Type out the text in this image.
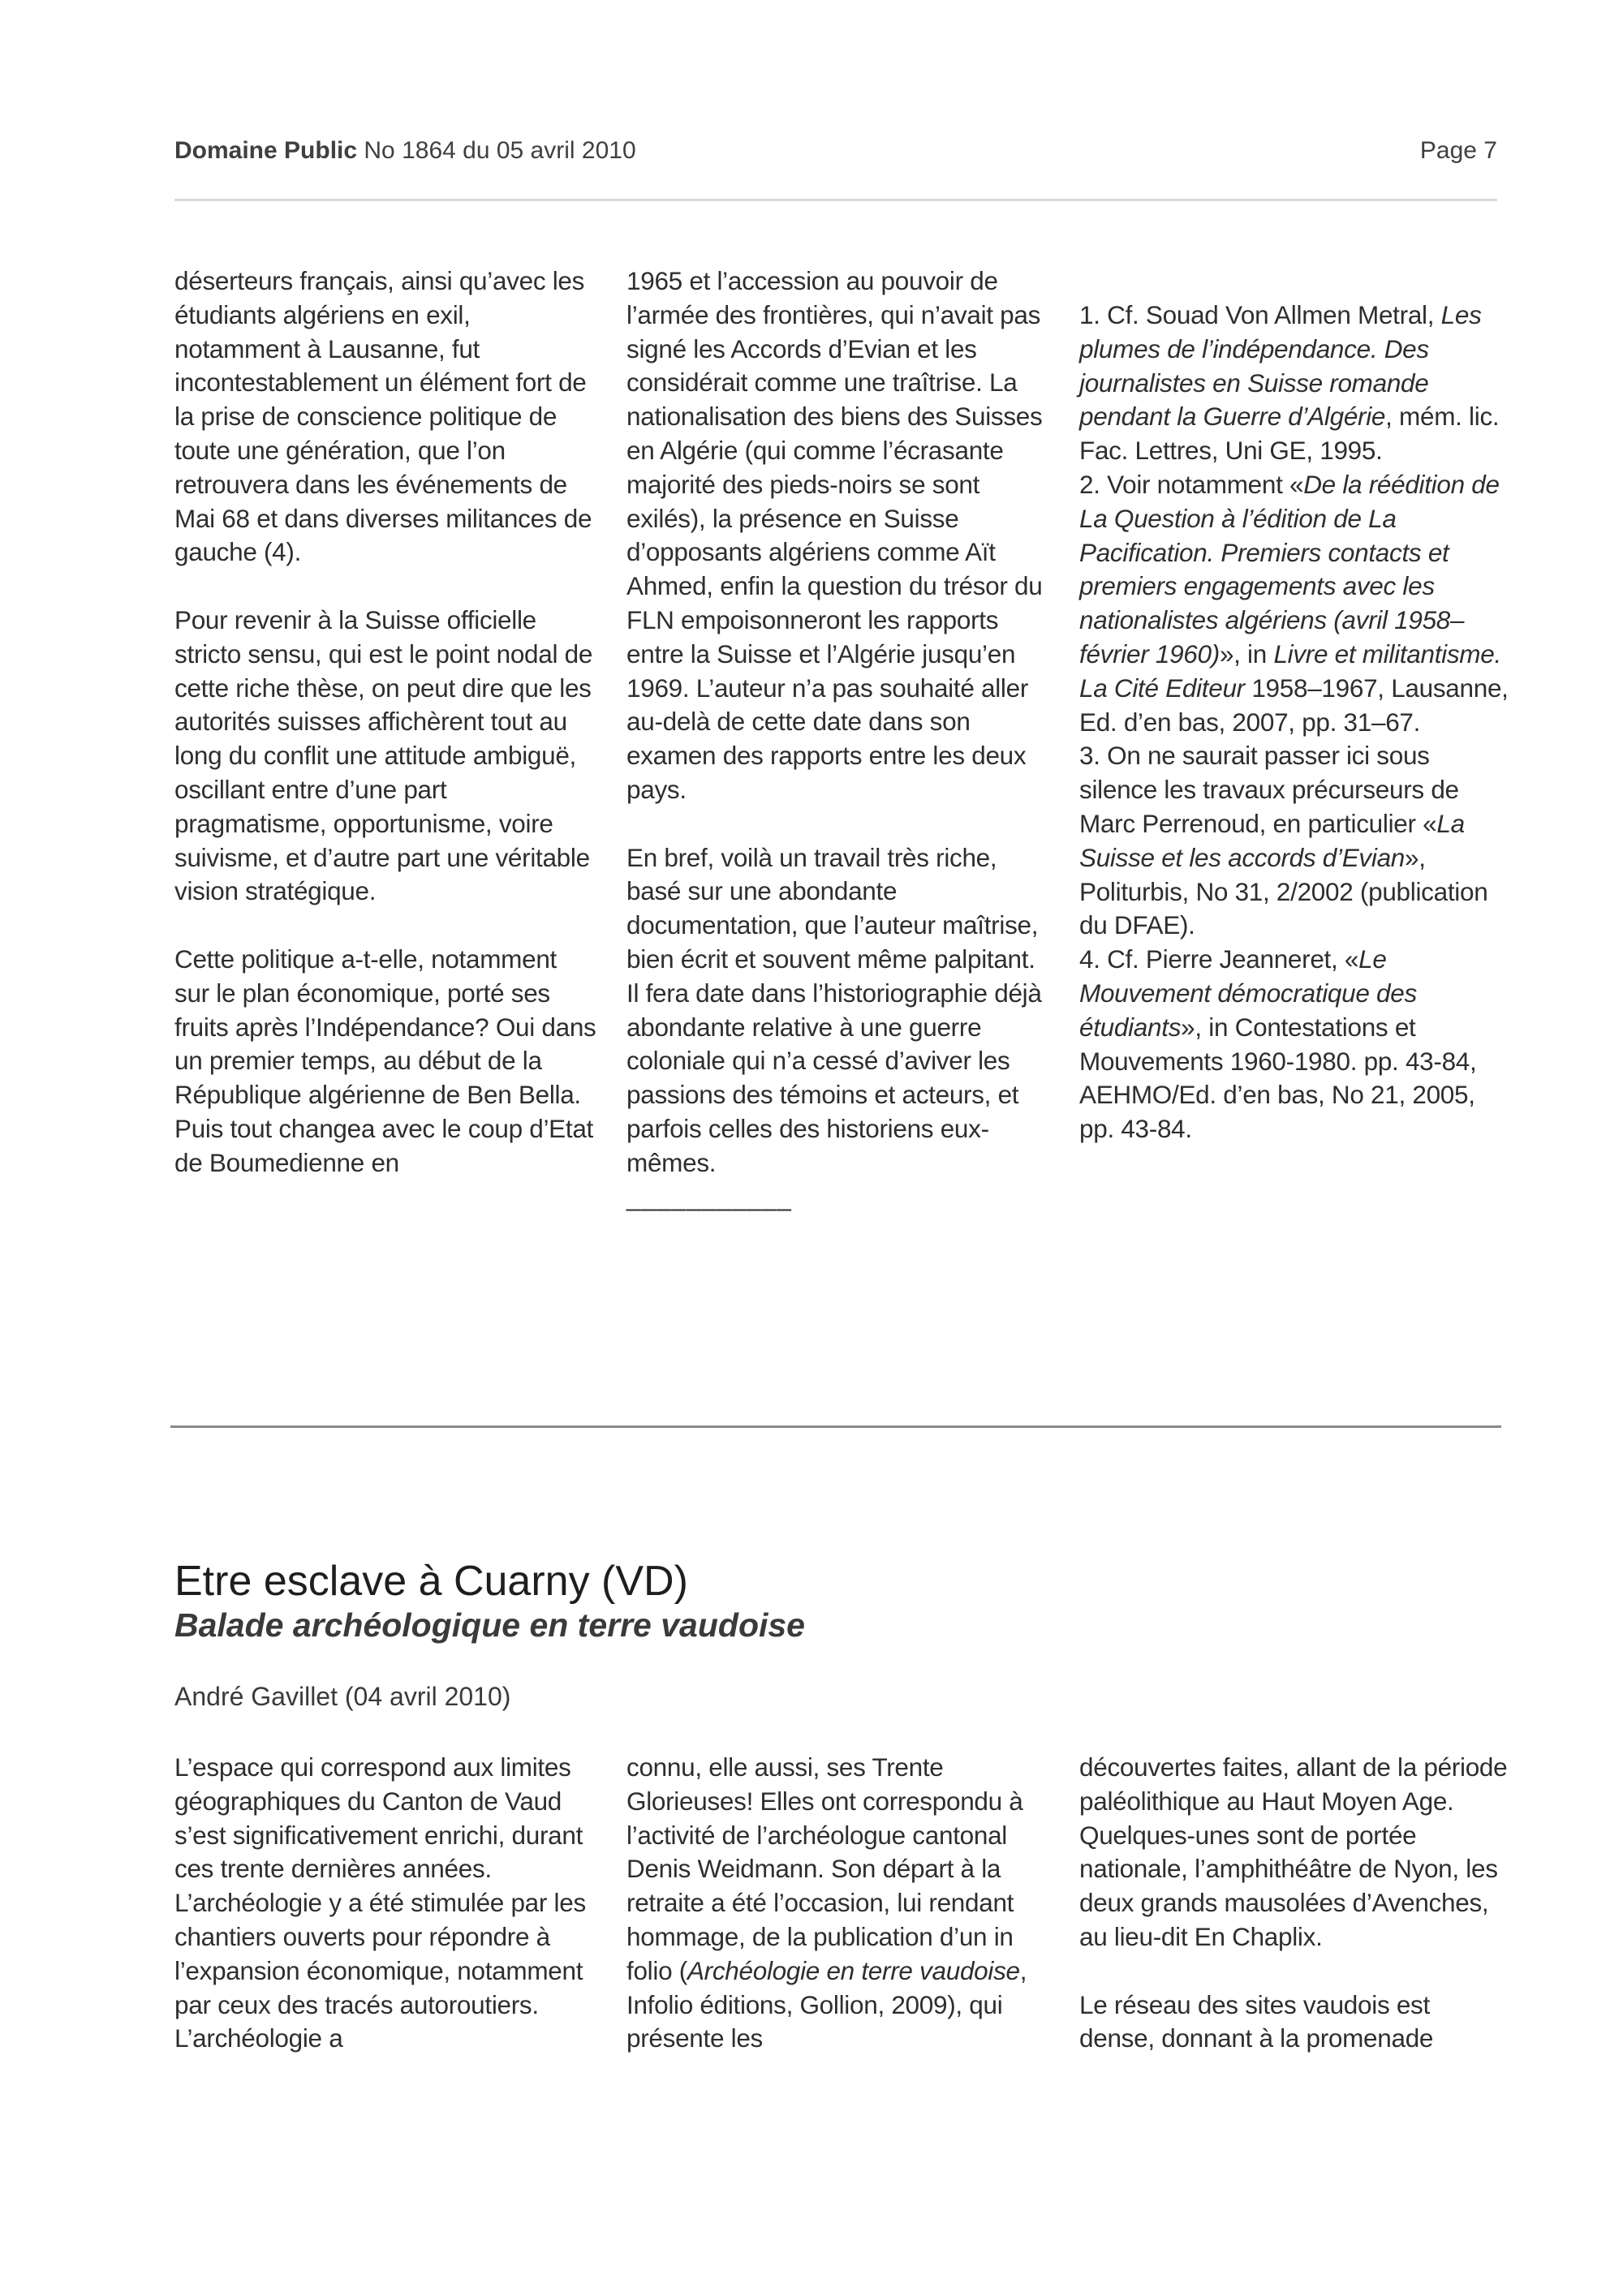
Domaine Public No 1864 du 05 avril 2010	Page 7

déserteurs français, ainsi qu’avec les étudiants algériens en exil, notamment à Lausanne, fut incontestablement un élément fort de la prise de conscience politique de toute une génération, que l’on retrouvera dans les événements de Mai 68 et dans diverses militances de gauche (4).

Pour revenir à la Suisse officielle stricto sensu, qui est le point nodal de cette riche thèse, on peut dire que les autorités suisses affichèrent tout au long du conflit une attitude ambiguë, oscillant entre d’une part pragmatisme, opportunisme, voire suivisme, et d’autre part une véritable vision stratégique.

Cette politique a-t-elle, notamment sur le plan économique, porté ses fruits après l’Indépendance? Oui dans un premier temps, au début de la République algérienne de Ben Bella. Puis tout changea avec le coup d’Etat de Boumedienne en

1965 et l’accession au pouvoir de l’armée des frontières, qui n’avait pas signé les Accords d’Evian et les considérait comme une traîtrise. La nationalisation des biens des Suisses en Algérie (qui comme l’écrasante majorité des pieds-noirs se sont exilés), la présence en Suisse d’opposants algériens comme Aït Ahmed, enfin la question du trésor du FLN empoisonneront les rapports entre la Suisse et l’Algérie jusqu’en 1969. L’auteur n’a pas souhaité aller au-delà de cette date dans son examen des rapports entre les deux pays.

En bref, voilà un travail très riche, basé sur une abondante documentation, que l’auteur maîtrise, bien écrit et souvent même palpitant. Il fera date dans l’historiographie déjà abondante relative à une guerre coloniale qui n’a cessé d’aviver les passions des témoins et acteurs, et parfois celles des historiens eux-mêmes.
___________

1. Cf. Souad Von Allmen Metral, Les plumes de l’indépendance. Des journalistes en Suisse romande pendant la Guerre d’Algérie, mém. lic. Fac. Lettres, Uni GE, 1995.
2. Voir notamment «De la réédition de La Question à l’édition de La Pacification. Premiers contacts et premiers engagements avec les nationalistes algériens (avril 1958–février 1960)», in Livre et militantisme. La Cité Editeur 1958–1967, Lausanne, Ed. d’en bas, 2007, pp. 31–67.
3. On ne saurait passer ici sous silence les travaux précurseurs de Marc Perrenoud, en particulier «La Suisse et les accords d’Evian», Politurbis, No 31, 2/2002 (publication du DFAE).
4. Cf. Pierre Jeanneret, «Le Mouvement démocratique des étudiants», in Contestations et Mouvements 1960-1980. pp. 43-84, AEHMO/Ed. d’en bas, No 21, 2005, pp. 43-84.
Etre esclave à Cuarny (VD)
Balade archéologique en terre vaudoise
André Gavillet (04 avril 2010)

L’espace qui correspond aux limites géographiques du Canton de Vaud s’est significativement enrichi, durant ces trente dernières années. L’archéologie y a été stimulée par les chantiers ouverts pour répondre à l’expansion économique, notamment par ceux des tracés autoroutiers. L’archéologie a

connu, elle aussi, ses Trente Glorieuses! Elles ont correspondu à l’activité de l’archéologue cantonal Denis Weidmann. Son départ à la retraite a été l’occasion, lui rendant hommage, de la publication d’un in folio (Archéologie en terre vaudoise, Infolio éditions, Gollion, 2009), qui présente les

découvertes faites, allant de la période paléolithique au Haut Moyen Age. Quelques-unes sont de portée nationale, l’amphithéâtre de Nyon, les deux grands mausolées d’Avenches, au lieu-dit En Chaplix.

Le réseau des sites vaudois est dense, donnant à la promenade
